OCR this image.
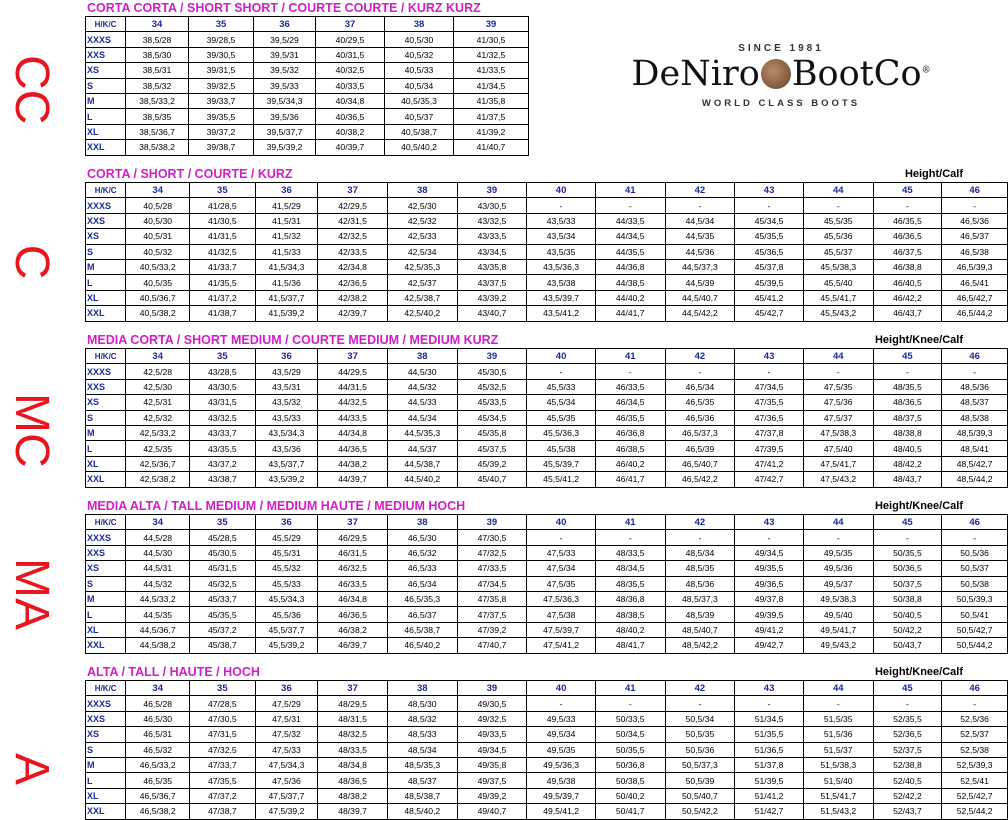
CC
C
MC
MA
A
SINCE 1981
DeNiro BootCo®
WORLD CLASS BOOTS
CORTA CORTA / SHORT SHORT / COURTE COURTE / KURZ KURZ
CORTA / SHORT / COURTE / KURZ	Height/Calf
MEDIA CORTA / SHORT MEDIUM / COURTE MEDIUM / MEDIUM KURZ	Height/Knee/Calf
MEDIA ALTA / TALL MEDIUM / MEDIUM HAUTE / MEDIUM HOCH	Height/Knee/Calf
ALTA / TALL / HAUTE / HOCH	Height/Knee/Calf
H/K/C	34	35	36	37	38	39
XXXS	38,5/28	39/28,5	39,5/29	40/29,5	40,5/30	41/30,5
XXS	38,5/30	39/30,5	39,5/31	40/31,5	40,5/32	41/32,5
XS	38,5/31	39/31,5	39,5/32	40/32,5	40,5/33	41/33,5
S	38,5/32	39/32,5	39,5/33	40/33,5	40,5/34	41/34,5
M	38,5/33,2	39/33,7	39,5/34,3	40/34,8	40,5/35,3	41/35,8
L	38,5/35	39/35,5	39,5/36	40/36,5	40,5/37	41/37,5
XL	38,5/36,7	39/37,2	39,5/37,7	40/38,2	40,5/38,7	41/39,2
XXL	38,5/38,2	39/38,7	39,5/39,2	40/39,7	40,5/40,2	41/40,7
H/K/C	34	35	36	37	38	39	40	41	42	43	44	45	46
XXXS	40,5/28	41/28,5	41,5/29	42/29,5	42,5/30	43/30,5	-	-	-	-	-	-	-
XXS	40,5/30	41/30,5	41,5/31	42/31,5	42,5/32	43/32,5	43,5/33	44/33,5	44,5/34	45/34,5	45,5/35	46/35,5	46,5/36
XS	40,5/31	41/31,5	41,5/32	42/32,5	42,5/33	43/33,5	43,5/34	44/34,5	44,5/35	45/35,5	45,5/36	46/36,5	46,5/37
S	40,5/32	41/32,5	41,5/33	42/33,5	42,5/34	43/34,5	43,5/35	44/35,5	44,5/36	45/36,5	45,5/37	46/37,5	46,5/38
M	40,5/33,2	41/33,7	41,5/34,3	42/34,8	42,5/35,3	43/35,8	43,5/36,3	44/36,8	44,5/37,3	45/37,8	45,5/38,3	46/38,8	46,5/39,3
L	40,5/35	41/35,5	41,5/36	42/36,5	42,5/37	43/37,5	43,5/38	44/38,5	44,5/39	45/39,5	45,5/40	46/40,5	46,5/41
XL	40,5/36,7	41/37,2	41,5/37,7	42/38,2	42,5/38,7	43/39,2	43,5/39,7	44/40,2	44,5/40,7	45/41,2	45,5/41,7	46/42,2	46,5/42,7
XXL	40,5/38,2	41/38,7	41,5/39,2	42/39,7	42,5/40,2	43/40,7	43,5/41,2	44/41,7	44,5/42,2	45/42,7	45,5/43,2	46/43,7	46,5/44,2
H/K/C	34	35	36	37	38	39	40	41	42	43	44	45	46
XXXS	42,5/28	43/28,5	43,5/29	44/29,5	44,5/30	45/30,5	-	-	-	-	-	-	-
XXS	42,5/30	43/30,5	43,5/31	44/31,5	44,5/32	45/32,5	45,5/33	46/33,5	46,5/34	47/34,5	47,5/35	48/35,5	48,5/36
XS	42,5/31	43/31,5	43,5/32	44/32,5	44,5/33	45/33,5	45,5/34	46/34,5	46,5/35	47/35,5	47,5/36	48/36,5	48,5/37
S	42,5/32	43/32,5	43,5/33	44/33,5	44,5/34	45/34,5	45,5/35	46/35,5	46,5/36	47/36,5	47,5/37	48/37,5	48,5/38
M	42,5/33,2	43/33,7	43,5/34,3	44/34,8	44,5/35,3	45/35,8	45,5/36,3	46/36,8	46,5/37,3	47/37,8	47,5/38,3	48/38,8	48,5/39,3
L	42,5/35	43/35,5	43,5/36	44/36,5	44,5/37	45/37,5	45,5/38	46/38,5	46,5/39	47/39,5	47,5/40	48/40,5	48,5/41
XL	42,5/36,7	43/37,2	43,5/37,7	44/38,2	44,5/38,7	45/39,2	45,5/39,7	46/40,2	46,5/40,7	47/41,2	47,5/41,7	48/42,2	48,5/42,7
XXL	42,5/38,2	43/38,7	43,5/39,2	44/39,7	44,5/40,2	45/40,7	45,5/41,2	46/41,7	46,5/42,2	47/42,7	47,5/43,2	48/43,7	48,5/44,2
H/K/C	34	35	36	37	38	39	40	41	42	43	44	45	46
XXXS	44,5/28	45/28,5	45,5/29	46/29,5	46,5/30	47/30,5	-	-	-	-	-	-	-
XXS	44,5/30	45/30,5	45,5/31	46/31,5	46,5/32	47/32,5	47,5/33	48/33,5	48,5/34	49/34,5	49,5/35	50/35,5	50,5/36
XS	44,5/31	45/31,5	45,5/32	46/32,5	46,5/33	47/33,5	47,5/34	48/34,5	48,5/35	49/35,5	49,5/36	50/36,5	50,5/37
S	44,5/32	45/32,5	45,5/33	46/33,5	46,5/34	47/34,5	47,5/35	48/35,5	48,5/36	49/36,5	49,5/37	50/37,5	50,5/38
M	44,5/33,2	45/33,7	45,5/34,3	46/34,8	46,5/35,3	47/35,8	47,5/36,3	48/36,8	48,5/37,3	49/37,8	49,5/38,3	50/38,8	50,5/39,3
L	44,5/35	45/35,5	45,5/36	46/36,5	46,5/37	47/37,5	47,5/38	48/38,5	48,5/39	49/39,5	49,5/40	50/40,5	50,5/41
XL	44,5/36,7	45/37,2	45,5/37,7	46/38,2	46,5/38,7	47/39,2	47,5/39,7	48/40,2	48,5/40,7	49/41,2	49,5/41,7	50/42,2	50,5/42,7
XXL	44,5/38,2	45/38,7	45,5/39,2	46/39,7	46,5/40,2	47/40,7	47,5/41,2	48/41,7	48,5/42,2	49/42,7	49,5/43,2	50/43,7	50,5/44,2
H/K/C	34	35	36	37	38	39	40	41	42	43	44	45	46
XXXS	46,5/28	47/28,5	47,5/29	48/29,5	48,5/30	49/30,5	-	-	-	-	-	-	-
XXS	46,5/30	47/30,5	47,5/31	48/31,5	48,5/32	49/32,5	49,5/33	50/33,5	50,5/34	51/34,5	51,5/35	52/35,5	52,5/36
XS	46,5/31	47/31,5	47,5/32	48/32,5	48,5/33	49/33,5	49,5/34	50/34,5	50,5/35	51/35,5	51,5/36	52/36,5	52,5/37
S	46,5/32	47/32,5	47,5/33	48/33,5	48,5/34	49/34,5	49,5/35	50/35,5	50,5/36	51/36,5	51,5/37	52/37,5	52,5/38
M	46,5/33,2	47/33,7	47,5/34,3	48/34,8	48,5/35,3	49/35,8	49,5/36,3	50/36,8	50,5/37,3	51/37,8	51,5/38,3	52/38,8	52,5/39,3
L	46,5/35	47/35,5	47,5/36	48/36,5	48,5/37	49/37,5	49,5/38	50/38,5	50,5/39	51/39,5	51,5/40	52/40,5	52,5/41
XL	46,5/36,7	47/37,2	47,5/37,7	48/38,2	48,5/38,7	49/39,2	49,5/39,7	50/40,2	50,5/40,7	51/41,2	51,5/41,7	52/42,2	52,5/42,7
XXL	46,5/38,2	47/38,7	47,5/39,2	48/39,7	48,5/40,2	49/40,7	49,5/41,2	50/41,7	50,5/42,2	51/42,7	51,5/43,2	52/43,7	52,5/44,2
